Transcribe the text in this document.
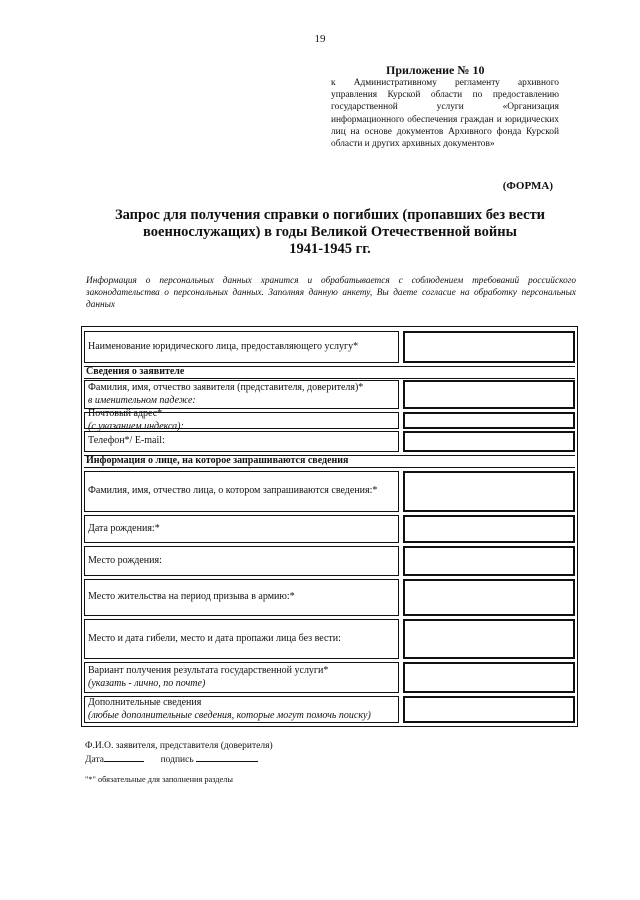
19
Приложение № 10
к Административному регламенту архивного управления Курской области по предоставлению государственной услуги «Организация информационного обеспечения граждан и юридических лиц на основе документов Архивного фонда Курской области и других архивных документов»
(ФОРМА)
Запрос для получения справки о погибших (пропавших без вести
военнослужащих) в годы Великой Отечественной войны
1941-1945 гг.
Информация о персональных данных хранится и обрабатывается с соблюдением требований российского законодательства о персональных данных. Заполняя данную анкету, Вы даете согласие на обработку персональных данных
Наименование юридического лица, предоставляющего услугу*
Сведения о заявителе
Фамилия, имя, отчество заявителя (представителя, доверителя)*
в именительном падеже:
Почтовый адрес*
(с указанием индекса):
Телефон*/ E-mail:
Информация о лице, на которое запрашиваются сведения
Фамилия, имя, отчество лица, о котором запрашиваются сведения:*
Дата рождения:*
Место рождения:
Место жительства на период призыва в армию:*
Место и дата гибели, место и дата пропажи лица без вести:
Вариант получения результата государственной услуги*
(указать - лично, по почте)
Дополнительные сведения
(любые дополнительные сведения, которые могут помочь поиску)
Ф.И.О. заявителя, представителя (доверителя)
Дата	подпись
"*" обязательные для заполнения разделы
